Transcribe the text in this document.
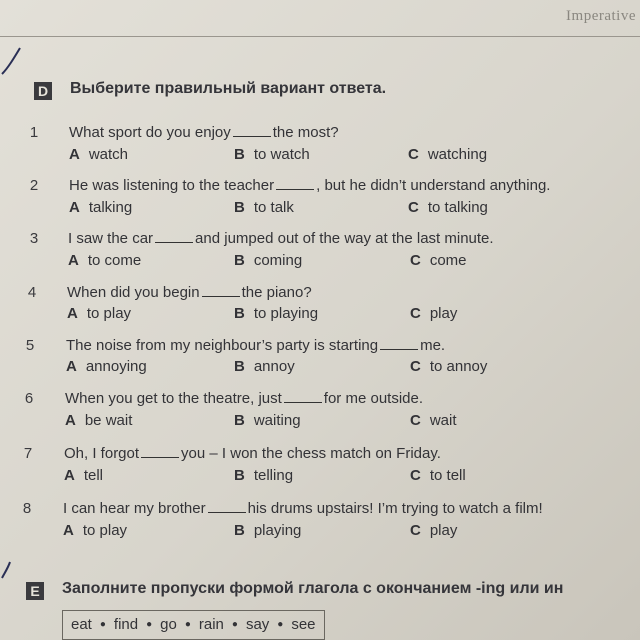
Imperative
D Выберите правильный вариант ответа.
1	What sport do you enjoy	the most?
A watch	B to watch	C watching
2	He was listening to the teacher	, but he didn’t understand anything.
A talking	B to talk	C to talking
3	I saw the car	and jumped out of the way at the last minute.
A to come	B coming	C come
4	When did you begin	the piano?
A to play	B to playing	C play
5	The noise from my neighbour’s party is starting	me.
A annoying	B annoy	C to annoy
6	When you get to the theatre, just	for me outside.
A be wait	B waiting	C wait
7	Oh, I forgot	you – I won the chess match on Friday.
A tell	B telling	C to tell
8	I can hear my brother	his drums upstairs! I’m trying to watch a film!
A to play	B playing	C play
E Заполните пропуски формой глагола с окончанием -ing или ин
eat ● find ● go ● rain ● say ● see
